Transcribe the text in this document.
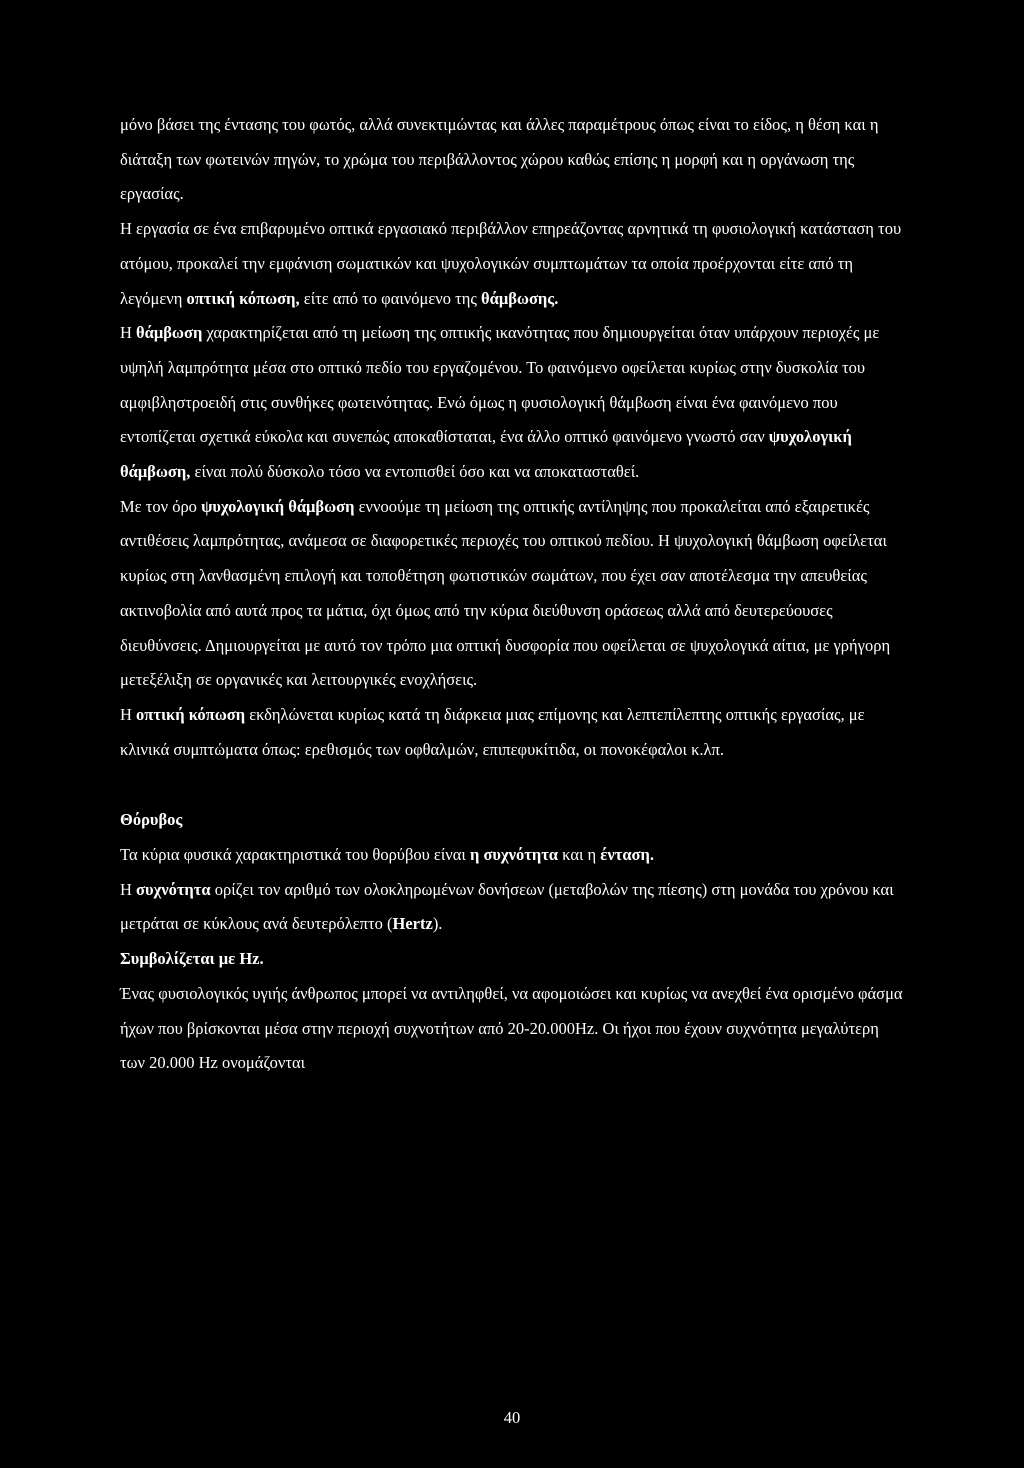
μόνο βάσει της έντασης του φωτός, αλλά συνεκτιμώντας και άλλες παραμέτρους όπως είναι το είδος, η θέση και η διάταξη των φωτεινών πηγών, το χρώμα του περιβάλλοντος χώρου καθώς επίσης η μορφή και η οργάνωση της εργασίας.

Η εργασία σε ένα επιβαρυμένο οπτικά εργασιακό περιβάλλον επηρεάζοντας αρνητικά τη φυσιολογική κατάσταση του ατόμου, προκαλεί την εμφάνιση σωματικών και ψυχολογικών συμπτωμάτων τα οποία προέρχονται είτε από τη λεγόμενη οπτική κόπωση, είτε από το φαινόμενο της θάμβωσης.

Η θάμβωση χαρακτηρίζεται από τη μείωση της οπτικής ικανότητας που δημιουργείται όταν υπάρχουν περιοχές με υψηλή λαμπρότητα μέσα στο οπτικό πεδίο του εργαζομένου. Το φαινόμενο οφείλεται κυρίως στην δυσκολία του αμφιβληστροειδή στις συνθήκες φωτεινότητας. Ενώ όμως η φυσιολογική θάμβωση είναι ένα φαινόμενο που εντοπίζεται σχετικά εύκολα και συνεπώς αποκαθίσταται, ένα άλλο οπτικό φαινόμενο γνωστό σαν ψυχολογική θάμβωση, είναι πολύ δύσκολο τόσο να εντοπισθεί όσο και να αποκατασταθεί.

Με τον όρο ψυχολογική θάμβωση εννοούμε τη μείωση της οπτικής αντίληψης που προκαλείται από εξαιρετικές αντιθέσεις λαμπρότητας, ανάμεσα σε διαφορετικές περιοχές του οπτικού πεδίου. Η ψυχολογική θάμβωση οφείλεται κυρίως στη λανθασμένη επιλογή και τοποθέτηση φωτιστικών σωμάτων, που έχει σαν αποτέλεσμα την απευθείας ακτινοβολία από αυτά προς τα μάτια, όχι όμως από την κύρια διεύθυνση οράσεως αλλά από δευτερεύουσες διευθύνσεις. Δημιουργείται με αυτό τον τρόπο μια οπτική δυσφορία που οφείλεται σε ψυχολογικά αίτια, με γρήγορη μετεξέλιξη σε οργανικές και λειτουργικές ενοχλήσεις.

Η οπτική κόπωση εκδηλώνεται κυρίως κατά τη διάρκεια μιας επίμονης και λεπτεπίλεπτης οπτικής εργασίας, με κλινικά συμπτώματα όπως: ερεθισμός των οφθαλμών, επιπεφυκίτιδα, οι πονοκέφαλοι κ.λπ.

Θόρυβος

Τα κύρια φυσικά χαρακτηριστικά του θορύβου είναι η συχνότητα και η ένταση.

Η συχνότητα ορίζει τον αριθμό των ολοκληρωμένων δονήσεων (μεταβολών της πίεσης) στη μονάδα του χρόνου και μετράται σε κύκλους ανά δευτερόλεπτο (Hertz).

Συμβολίζεται με Hz.

Ένας φυσιολογικός υγιής άνθρωπος μπορεί να αντιληφθεί, να αφομοιώσει και κυρίως να ανεχθεί ένα ορισμένο φάσμα ήχων που βρίσκονται μέσα στην περιοχή συχνοτήτων από 20-20.000Hz. Οι ήχοι που έχουν συχνότητα μεγαλύτερη των 20.000 Hz ονομάζονται

40
